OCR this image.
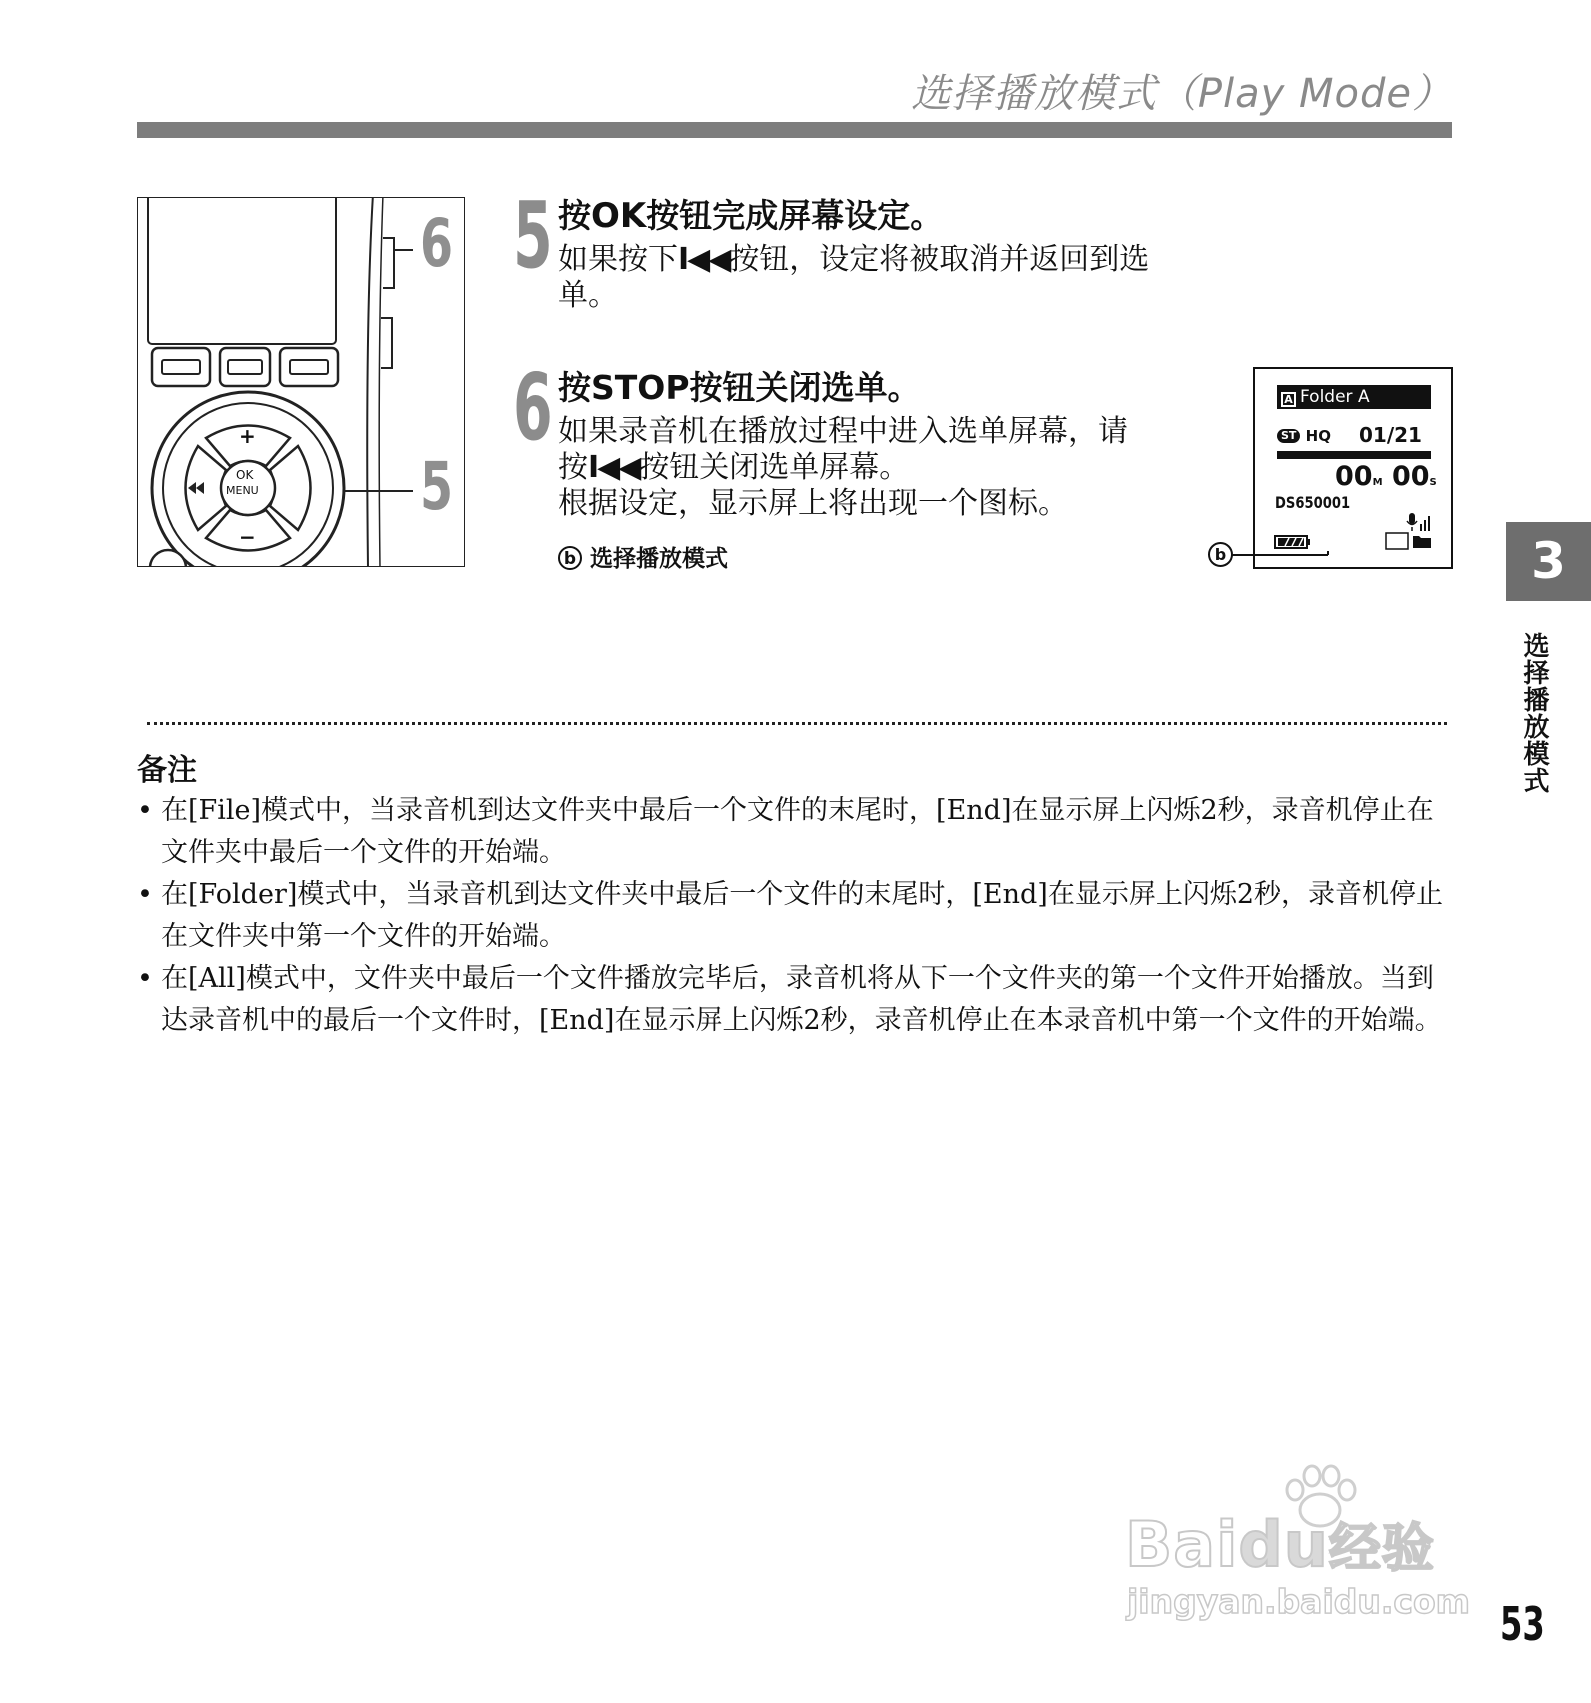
选择播放模式（Play Mode）
+
−
OK
MENU
6
5
5 按OK按钮完成屏幕设定。

如果按下I◀◀按钮，设定将被取消并返回到选单。

6 按STOP按钮关闭选单。

如果录音机在播放过程中进入选单屏幕，请

按I◀◀按钮关闭选单屏幕。

根据设定，显示屏上将出现一个图标。

b 选择播放模式
A Folder A
ST HQ 01/21
00M 00S
DS650001
b	3
选择播放模式
备注
• 在[File]模式中，当录音机到达文件夹中最后一个文件的末尾时，[End]在显示屏上闪烁2秒，录音机停止在文件夹中最后一个文件的开始端。
• 在[Folder]模式中，当录音机到达文件夹中最后一个文件的末尾时，[End]在显示屏上闪烁2秒，录音机停止在文件夹中第一个文件的开始端。
• 在[All]模式中，文件夹中最后一个文件播放完毕后，录音机将从下一个文件夹的第一个文件开始播放。当到达录音机中的最后一个文件时，[End]在显示屏上闪烁2秒，录音机停止在本录音机中第一个文件的开始端。
Baidu经验
jingyan.baidu.com 53
